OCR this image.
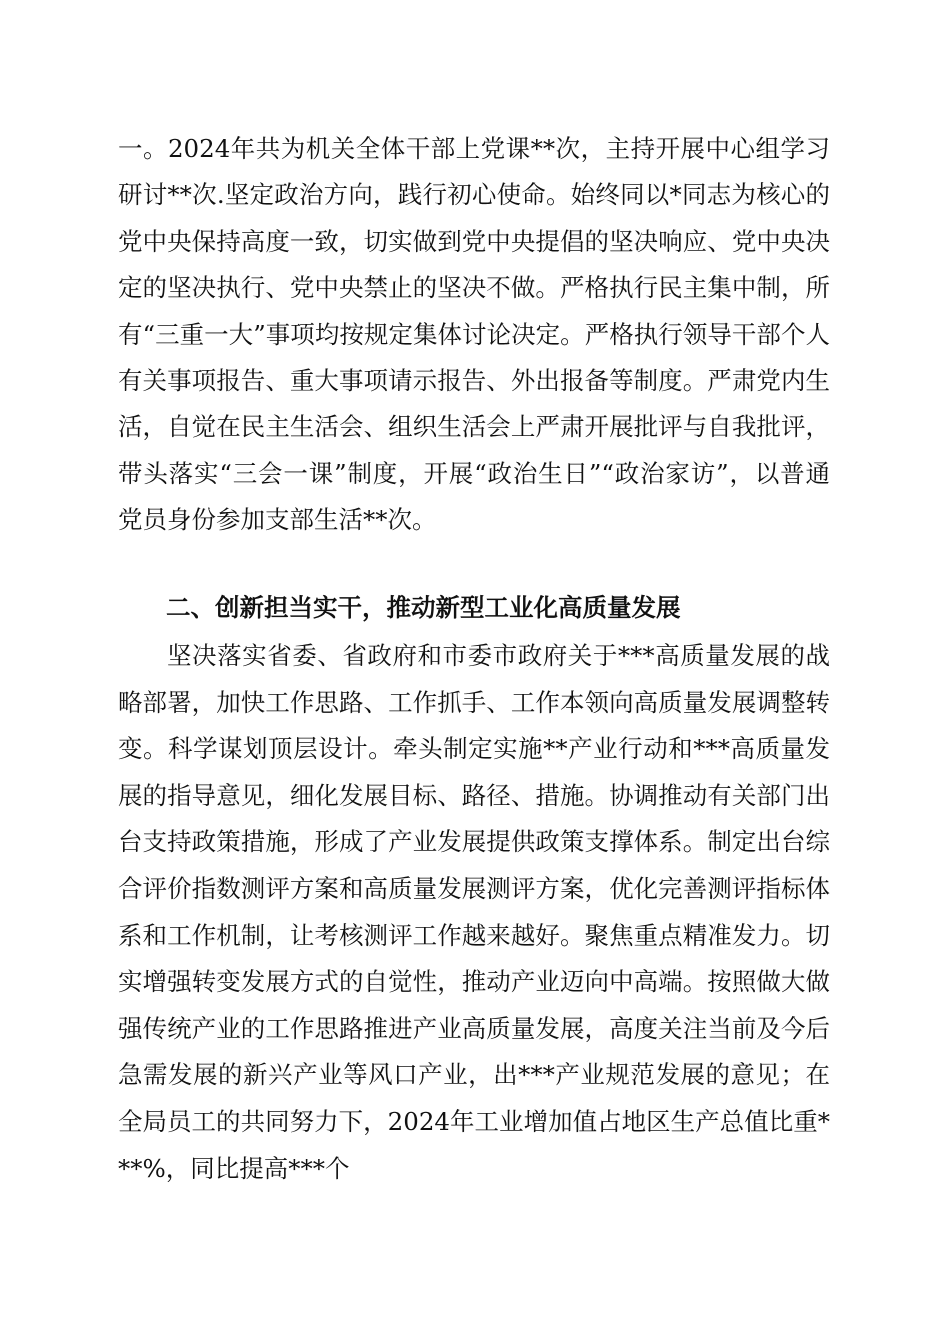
一。2024年共为机关全体干部上党课**次，主持开展中心组学习研讨**次.坚定政治方向，践行初心使命。始终同以*同志为核心的党中央保持高度一致，切实做到党中央提倡的坚决响应、党中央决定的坚决执行、党中央禁止的坚决不做。严格执行民主集中制，所有“三重一大”事项均按规定集体讨论决定。严格执行领导干部个人有关事项报告、重大事项请示报告、外出报备等制度。严肃党内生活，自觉在民主生活会、组织生活会上严肃开展批评与自我批评，带头落实“三会一课”制度，开展“政治生日”“政治家访”，以普通党员身份参加支部生活**次。
二、创新担当实干，推动新型工业化高质量发展
坚决落实省委、省政府和市委市政府关于***高质量发展的战略部署，加快工作思路、工作抓手、工作本领向高质量发展调整转变。科学谋划顶层设计。牵头制定实施**产业行动和***高质量发展的指导意见，细化发展目标、路径、措施。协调推动有关部门出台支持政策措施，形成了产业发展提供政策支撑体系。制定出台综合评价指数测评方案和高质量发展测评方案，优化完善测评指标体系和工作机制，让考核测评工作越来越好。聚焦重点精准发力。切实增强转变发展方式的自觉性，推动产业迈向中高端。按照做大做强传统产业的工作思路推进产业高质量发展，高度关注当前及今后急需发展的新兴产业等风口产业，出***产业规范发展的意见；在全局员工的共同努力下，2024年工业增加值占地区生产总值比重***%，同比提高***个
